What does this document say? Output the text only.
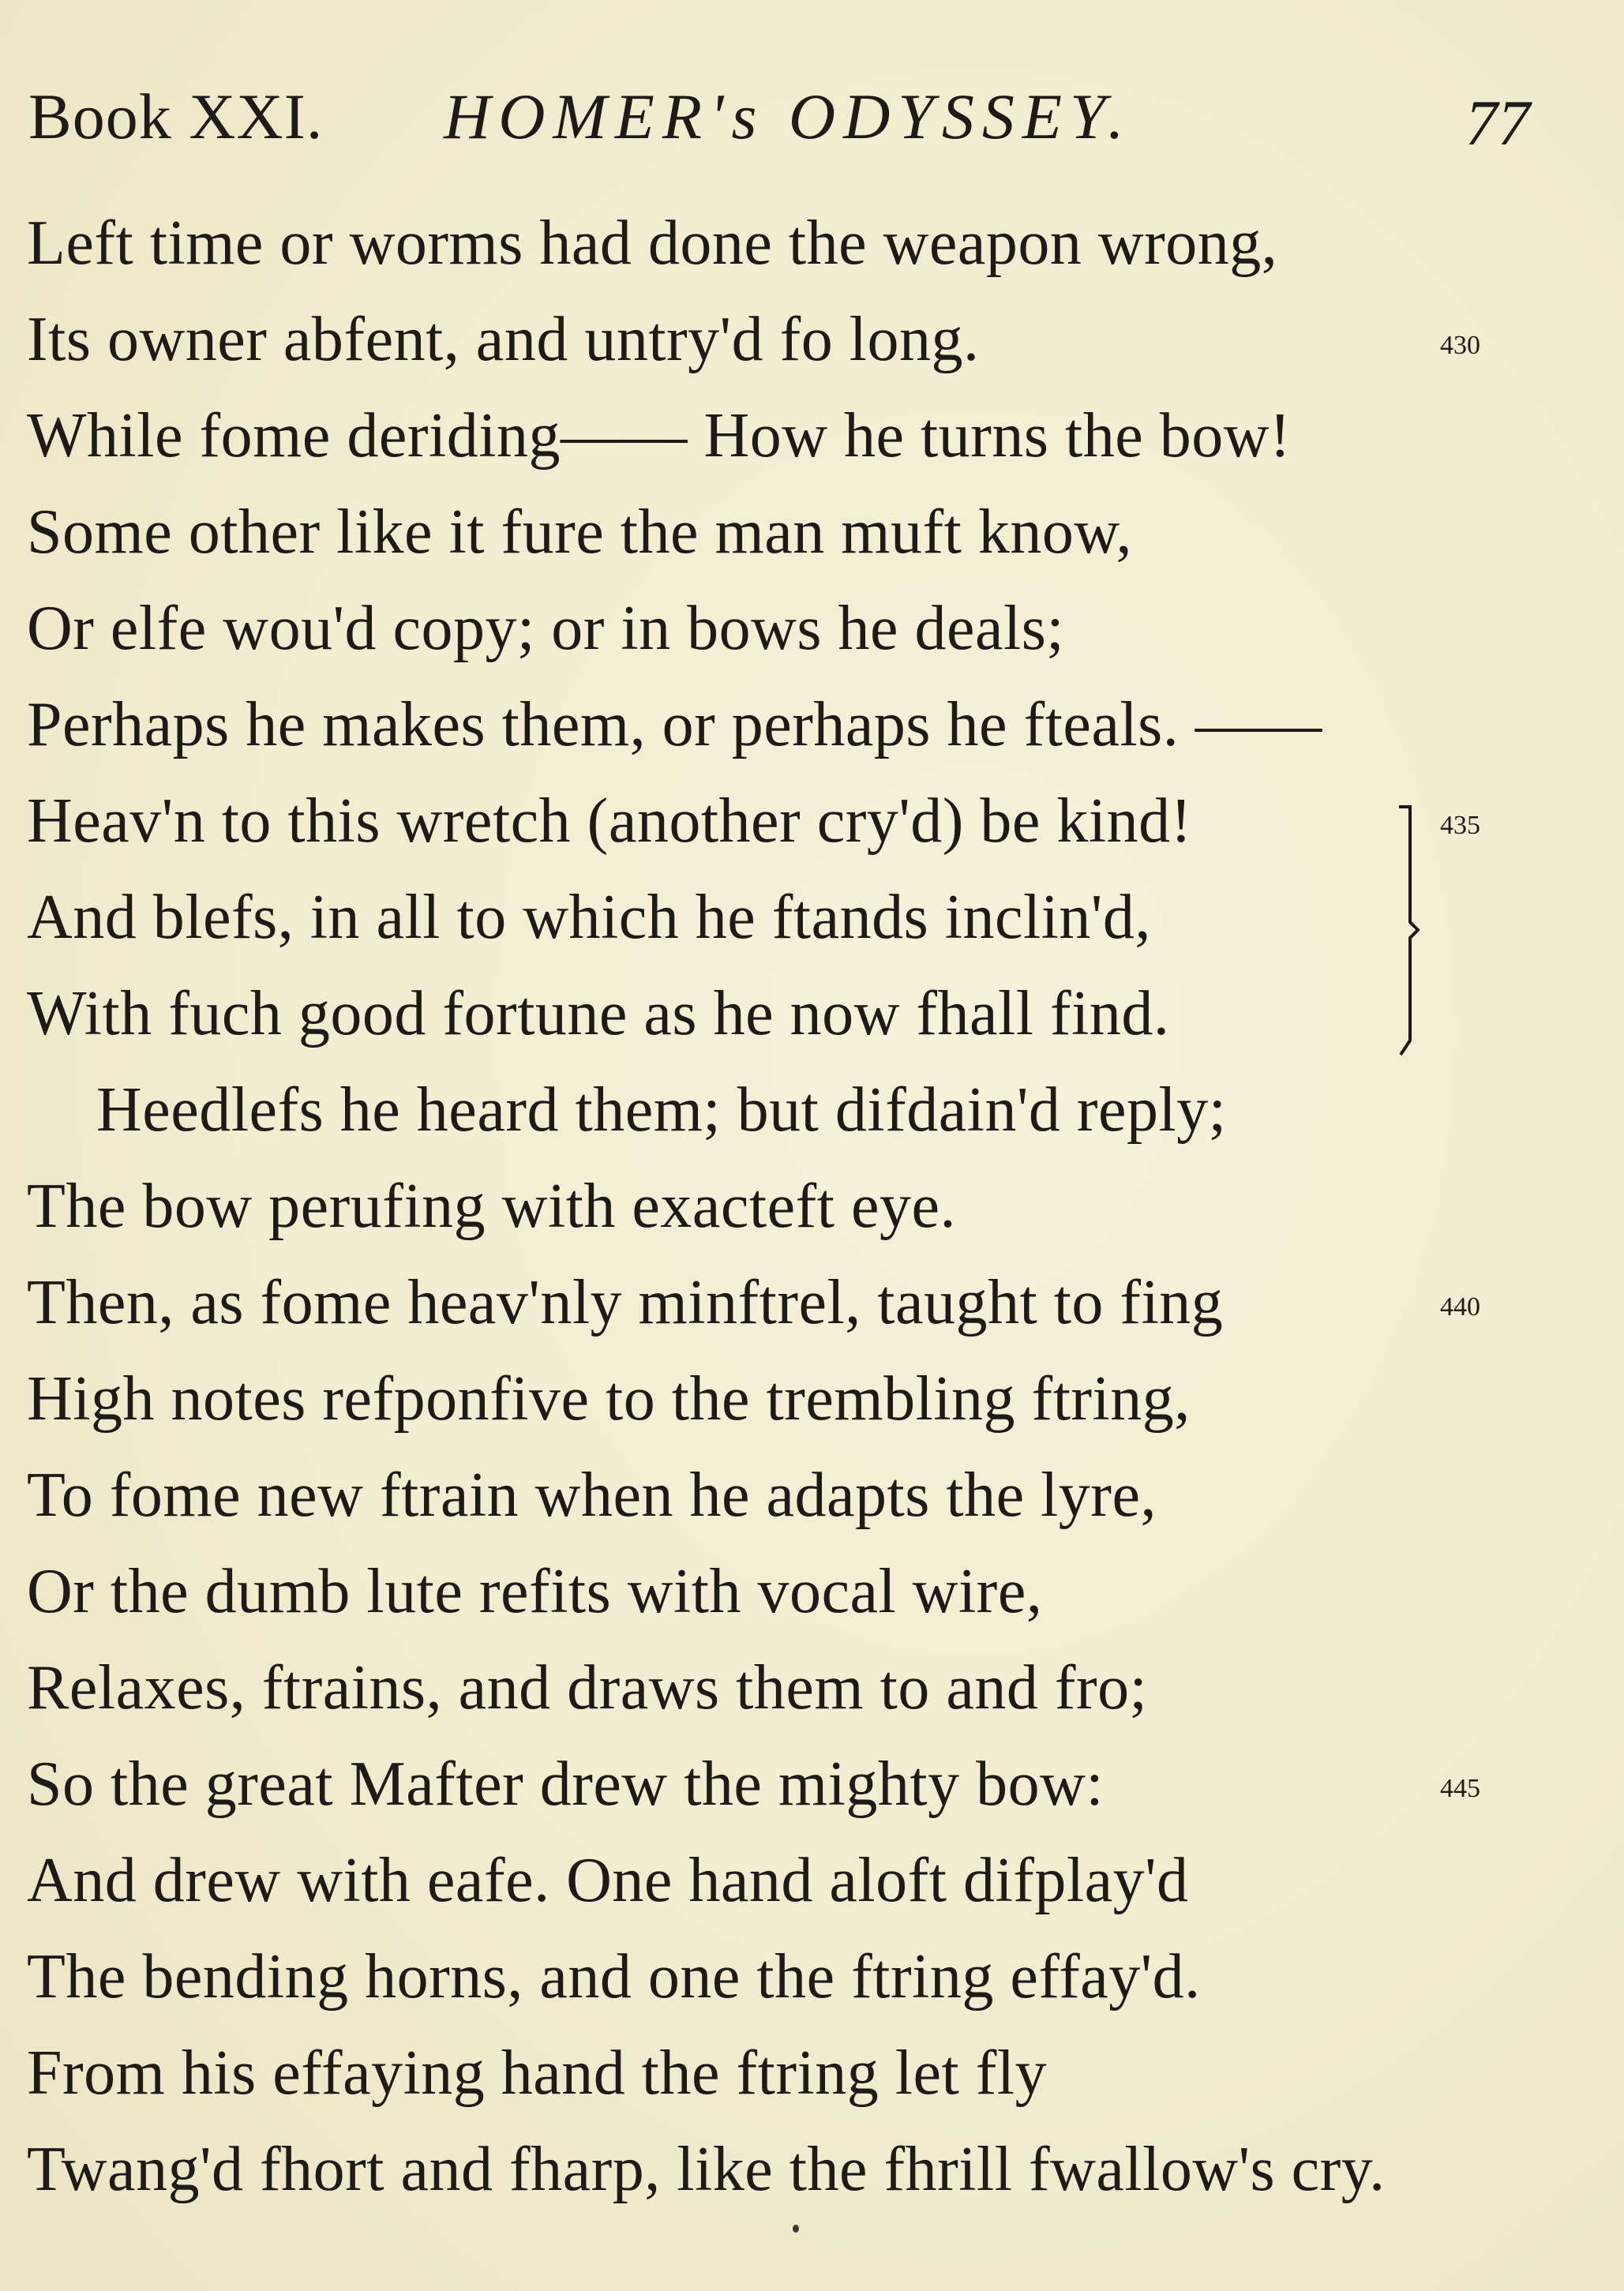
Book XXI. HOMER's ODYSSEY.	77
Left time or worms had done the weapon wrong,
Its owner abfent, and untry'd fo long.
While fome deriding—— How he turns the bow!
Some other like it fure the man muft know,
Or elfe wou'd copy; or in bows he deals;
Perhaps he makes them, or perhaps he fteals. ——
Heav'n to this wretch (another cry'd) be kind!
And blefs, in all to which he ftands inclin'd,
With fuch good fortune as he now fhall find.
Heedlefs he heard them; but difdain'd reply;
The bow perufing with exacteft eye.
Then, as fome heav'nly minftrel, taught to fing
High notes refponfive to the trembling ftring,
To fome new ftrain when he adapts the lyre,
Or the dumb lute refits with vocal wire,
Relaxes, ftrains, and draws them to and fro;
So the great Mafter drew the mighty bow:
And drew with eafe. One hand aloft difplay'd
The bending horns, and one the ftring effay'd.
From his effaying hand the ftring let fly
Twang'd fhort and fharp, like the fhrill fwallow's cry.
430
435
440
445
